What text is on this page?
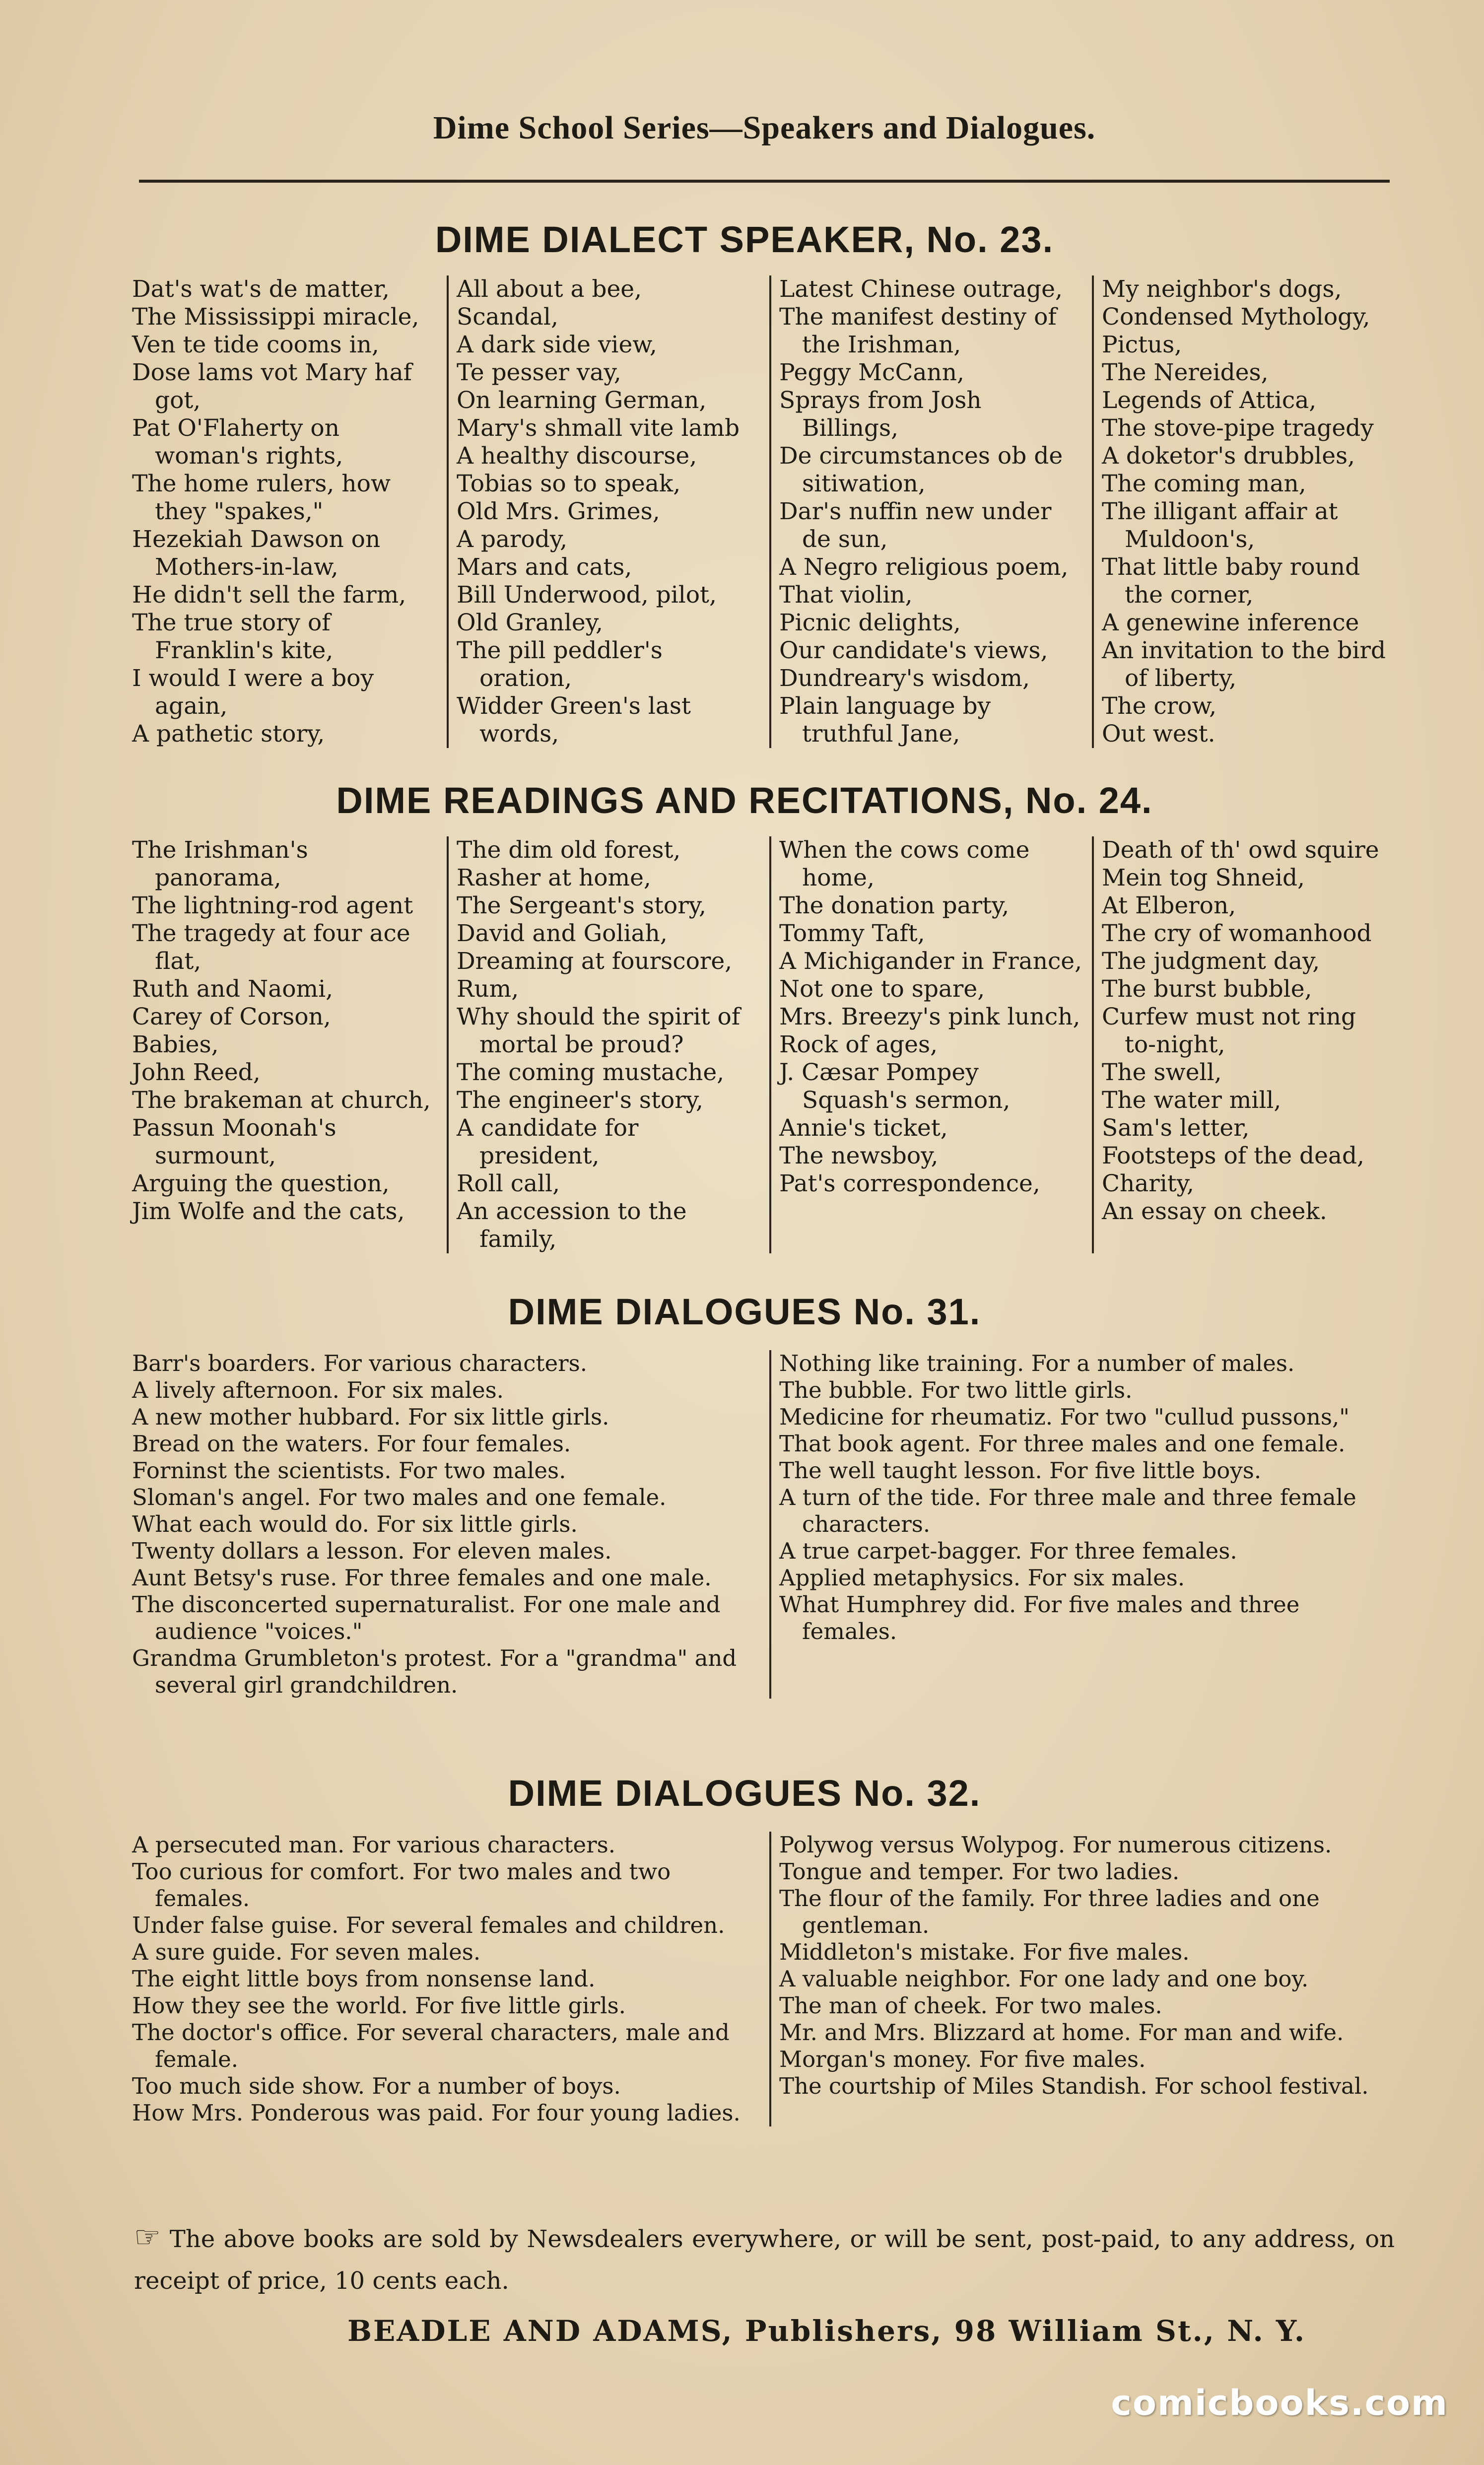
Dime School Series—Speakers and Dialogues.
DIME DIALECT SPEAKER, No. 23.
Dat's wat's de matter,
The Mississippi miracle,
Ven te tide cooms in,
Dose lams vot Mary haf got,
Pat O'Flaherty on woman's rights,
The home rulers, how they "spakes,"
Hezekiah Dawson on Mothers-in-law,
He didn't sell the farm,
The true story of Franklin's kite,
I would I were a boy again,
A pathetic story,
All about a bee,
Scandal,
A dark side view,
Te pesser vay,
On learning German,
Mary's shmall vite lamb
A healthy discourse,
Tobias so to speak,
Old Mrs. Grimes,
A parody,
Mars and cats,
Bill Underwood, pilot,
Old Granley,
The pill peddler's oration,
Widder Green's last words,
Latest Chinese outrage,
The manifest destiny of the Irishman,
Peggy McCann,
Sprays from Josh Billings,
De circumstances ob de sitiwation,
Dar's nuffin new under de sun,
A Negro religious poem,
That violin,
Picnic delights,
Our candidate's views,
Dundreary's wisdom,
Plain language by truthful Jane,
My neighbor's dogs,
Condensed Mythology,
Pictus,
The Nereides,
Legends of Attica,
The stove-pipe tragedy
A doketor's drubbles,
The coming man,
The illigant affair at Muldoon's,
That little baby round the corner,
A genewine inference
An invitation to the bird of liberty,
The crow,
Out west.
DIME READINGS AND RECITATIONS, No. 24.
The Irishman's panorama,
The lightning-rod agent
The tragedy at four ace flat,
Ruth and Naomi,
Carey of Corson,
Babies,
John Reed,
The brakeman at church,
Passun Moonah's surmount,
Arguing the question,
Jim Wolfe and the cats,
The dim old forest,
Rasher at home,
The Sergeant's story,
David and Goliah,
Dreaming at fourscore,
Rum,
Why should the spirit of mortal be proud?
The coming mustache,
The engineer's story,
A candidate for president,
Roll call,
An accession to the family,
When the cows come home,
The donation party,
Tommy Taft,
A Michigander in France,
Not one to spare,
Mrs. Breezy's pink lunch,
Rock of ages,
J. Cæsar Pompey Squash's sermon,
Annie's ticket,
The newsboy,
Pat's correspondence,
Death of th' owd squire
Mein tog Shneid,
At Elberon,
The cry of womanhood
The judgment day,
The burst bubble,
Curfew must not ring to-night,
The swell,
The water mill,
Sam's letter,
Footsteps of the dead,
Charity,
An essay on cheek.
DIME DIALOGUES No. 31.
Barr's boarders. For various characters.
A lively afternoon. For six males.
A new mother hubbard. For six little girls.
Bread on the waters. For four females.
Forninst the scientists. For two males.
Sloman's angel. For two males and one female.
What each would do. For six little girls.
Twenty dollars a lesson. For eleven males.
Aunt Betsy's ruse. For three females and one male.
The disconcerted supernaturalist. For one male and audience "voices."
Grandma Grumbleton's protest. For a "grandma" and several girl grandchildren.
Nothing like training. For a number of males.
The bubble. For two little girls.
Medicine for rheumatiz. For two "cullud pussons,"
That book agent. For three males and one female.
The well taught lesson. For five little boys.
A turn of the tide. For three male and three female characters.
A true carpet-bagger. For three females.
Applied metaphysics. For six males.
What Humphrey did. For five males and three females.
DIME DIALOGUES No. 32.
A persecuted man. For various characters.
Too curious for comfort. For two males and two females.
Under false guise. For several females and children.
A sure guide. For seven males.
The eight little boys from nonsense land.
How they see the world. For five little girls.
The doctor's office. For several characters, male and female.
Too much side show. For a number of boys.
How Mrs. Ponderous was paid. For four young ladies.
Polywog versus Wolypog. For numerous citizens.
Tongue and temper. For two ladies.
The flour of the family. For three ladies and one gentleman.
Middleton's mistake. For five males.
A valuable neighbor. For one lady and one boy.
The man of cheek. For two males.
Mr. and Mrs. Blizzard at home. For man and wife.
Morgan's money. For five males.
The courtship of Miles Standish. For school festival.
☞ The above books are sold by Newsdealers everywhere, or will be sent, post-paid, to any address, on receipt of price, 10 cents each.
BEADLE AND ADAMS, Publishers, 98 William St., N. Y.
comicbooks.com
